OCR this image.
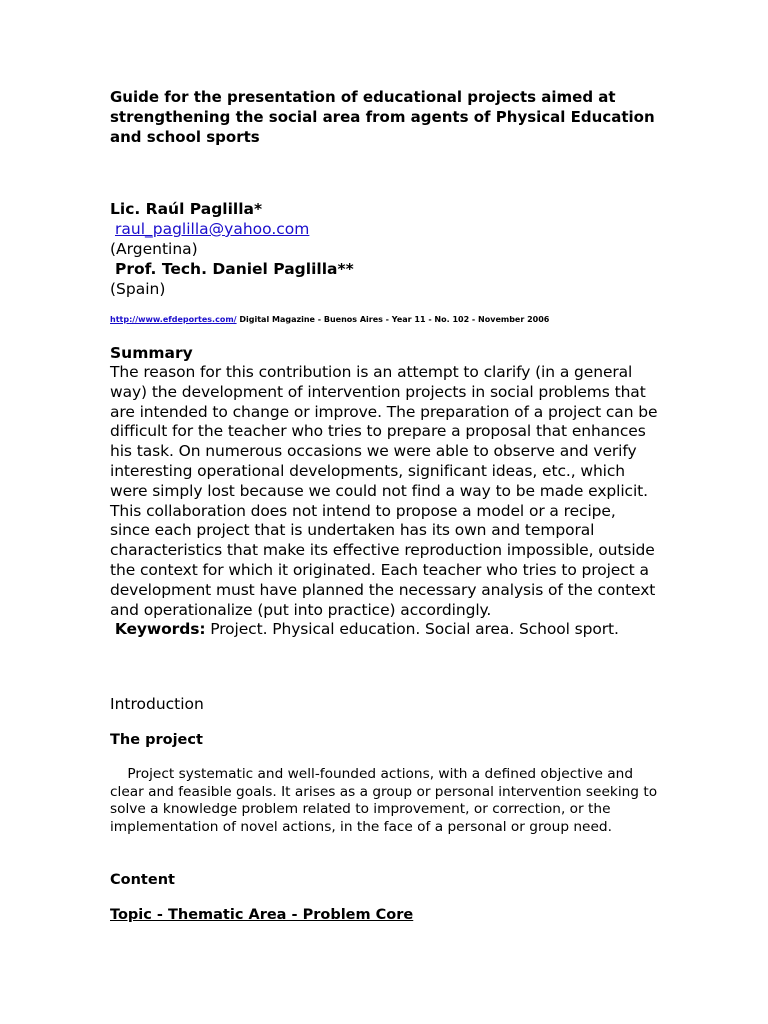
Guide for the presentation of educational projects aimed at strengthening the social area from agents of Physical Education and school sports

Lic. Raúl Paglilla*

raul_paglilla@yahoo.com

(Argentina)

Prof. Tech. Daniel Paglilla**

(Spain)

http://www.efdeportes.com/ Digital Magazine - Buenos Aires - Year 11 - No. 102 - November 2006

Summary

The reason for this contribution is an attempt to clarify (in a general way) the development of intervention projects in social problems that are intended to change or improve. The preparation of a project can be difficult for the teacher who tries to prepare a proposal that enhances his task. On numerous occasions we were able to observe and verify interesting operational developments, significant ideas, etc., which were simply lost because we could not find a way to be made explicit. This collaboration does not intend to propose a model or a recipe, since each project that is undertaken has its own and temporal characteristics that make its effective reproduction impossible, outside the context for which it originated. Each teacher who tries to project a development must have planned the necessary analysis of the context and operationalize (put into practice) accordingly.
Keywords: Project. Physical education. Social area. School sport.

Introduction

The project

Project systematic and well-founded actions, with a defined objective and clear and feasible goals. It arises as a group or personal intervention seeking to solve a knowledge problem related to improvement, or correction, or the implementation of novel actions, in the face of a personal or group need.

Content

Topic - Thematic Area - Problem Core
